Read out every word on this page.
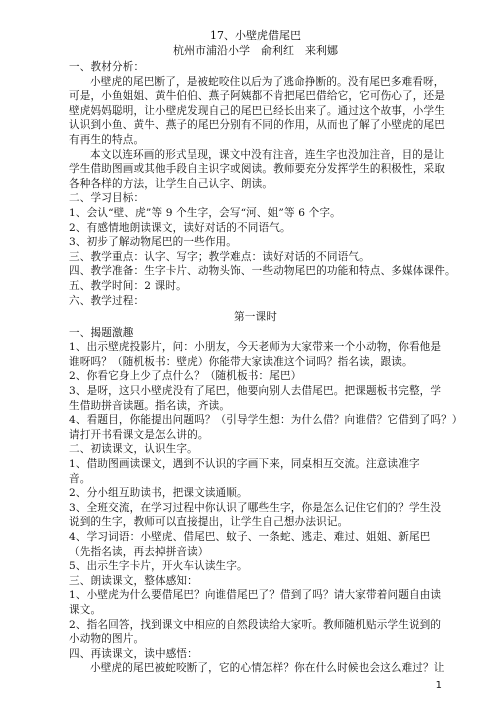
17、小壁虎借尾巴
杭州市浦沿小学　俞利红　来利娜

一、教材分析：

小壁虎的尾巴断了，是被蛇咬住以后为了逃命挣断的。没有尾巴多难看呀，

可是，小鱼姐姐、黄牛伯伯、燕子阿姨都不肯把尾巴借给它，它可伤心了，还是

壁虎妈妈聪明，让小壁虎发现自己的尾巴已经长出来了。通过这个故事，小学生

认识到小鱼、黄牛、燕子的尾巴分别有不同的作用，从而也了解了小壁虎的尾巴

有再生的特点。

本文以连环画的形式呈现，课文中没有注音，连生字也没加注音，目的是让

学生借助图画或其他手段自主识字或阅读。教师要充分发挥学生的积极性，采取

各种各样的方法，让学生自己认字、朗读。

二、学习目标：

1、会认“壁、虎”等 9 个生字，会写“河、姐”等 6 个字。

2、有感情地朗读课文，读好对话的不同语气。

3、初步了解动物尾巴的一些作用。

三、教学重点：认字、写字；教学难点：读好对话的不同语气。

四、教学准备：生字卡片、动物头饰、一些动物尾巴的功能和特点、多媒体课件。

五、教学时间：2 课时。

六、教学过程：

第一课时

一、揭题激趣

1、出示壁虎投影片，问：小朋友，今天老师为大家带来一个小动物，你看他是

谁呀吗？（随机板书：壁虎）你能带大家读准这个词吗？指名读，跟读。

2、你看它身上少了点什么？（随机板书：尾巴）

3、是呀，这只小壁虎没有了尾巴，他要向别人去借尾巴。把课题板书完整，学

生借助拼音读题。指名读，齐读。

4、看题目，你能提出问题吗？（引导学生想：为什么借？向谁借？它借到了吗？）

请打开书看课文是怎么讲的。

二、初读课文，认识生字。

1、借助图画读课文，遇到不认识的字画下来，同桌相互交流。注意读准字

音。

2、分小组互助读书，把课文读通顺。

3、全班交流，在学习过程中你认识了哪些生字，你是怎么记住它们的？学生没

说到的生字，教师可以直接提出，让学生自己想办法识记。

4、学习词语：小壁虎、借尾巴、蚊子、一条蛇、逃走、难过、姐姐、新尾巴

（先指名读，再去掉拼音读）

5、出示生字卡片，开火车认读生字。

三、朗读课文，整体感知：

1、小壁虎为什么要借尾巴？向谁借尾巴了？借到了吗？请大家带着问题自由读

课文。

2、指名回答，找到课文中相应的自然段读给大家听。教师随机贴示学生说到的

小动物的图片。

四、再读课文，读中感悟：

小壁虎的尾巴被蛇咬断了，它的心情怎样？你在什么时候也会这么难过？让

1
